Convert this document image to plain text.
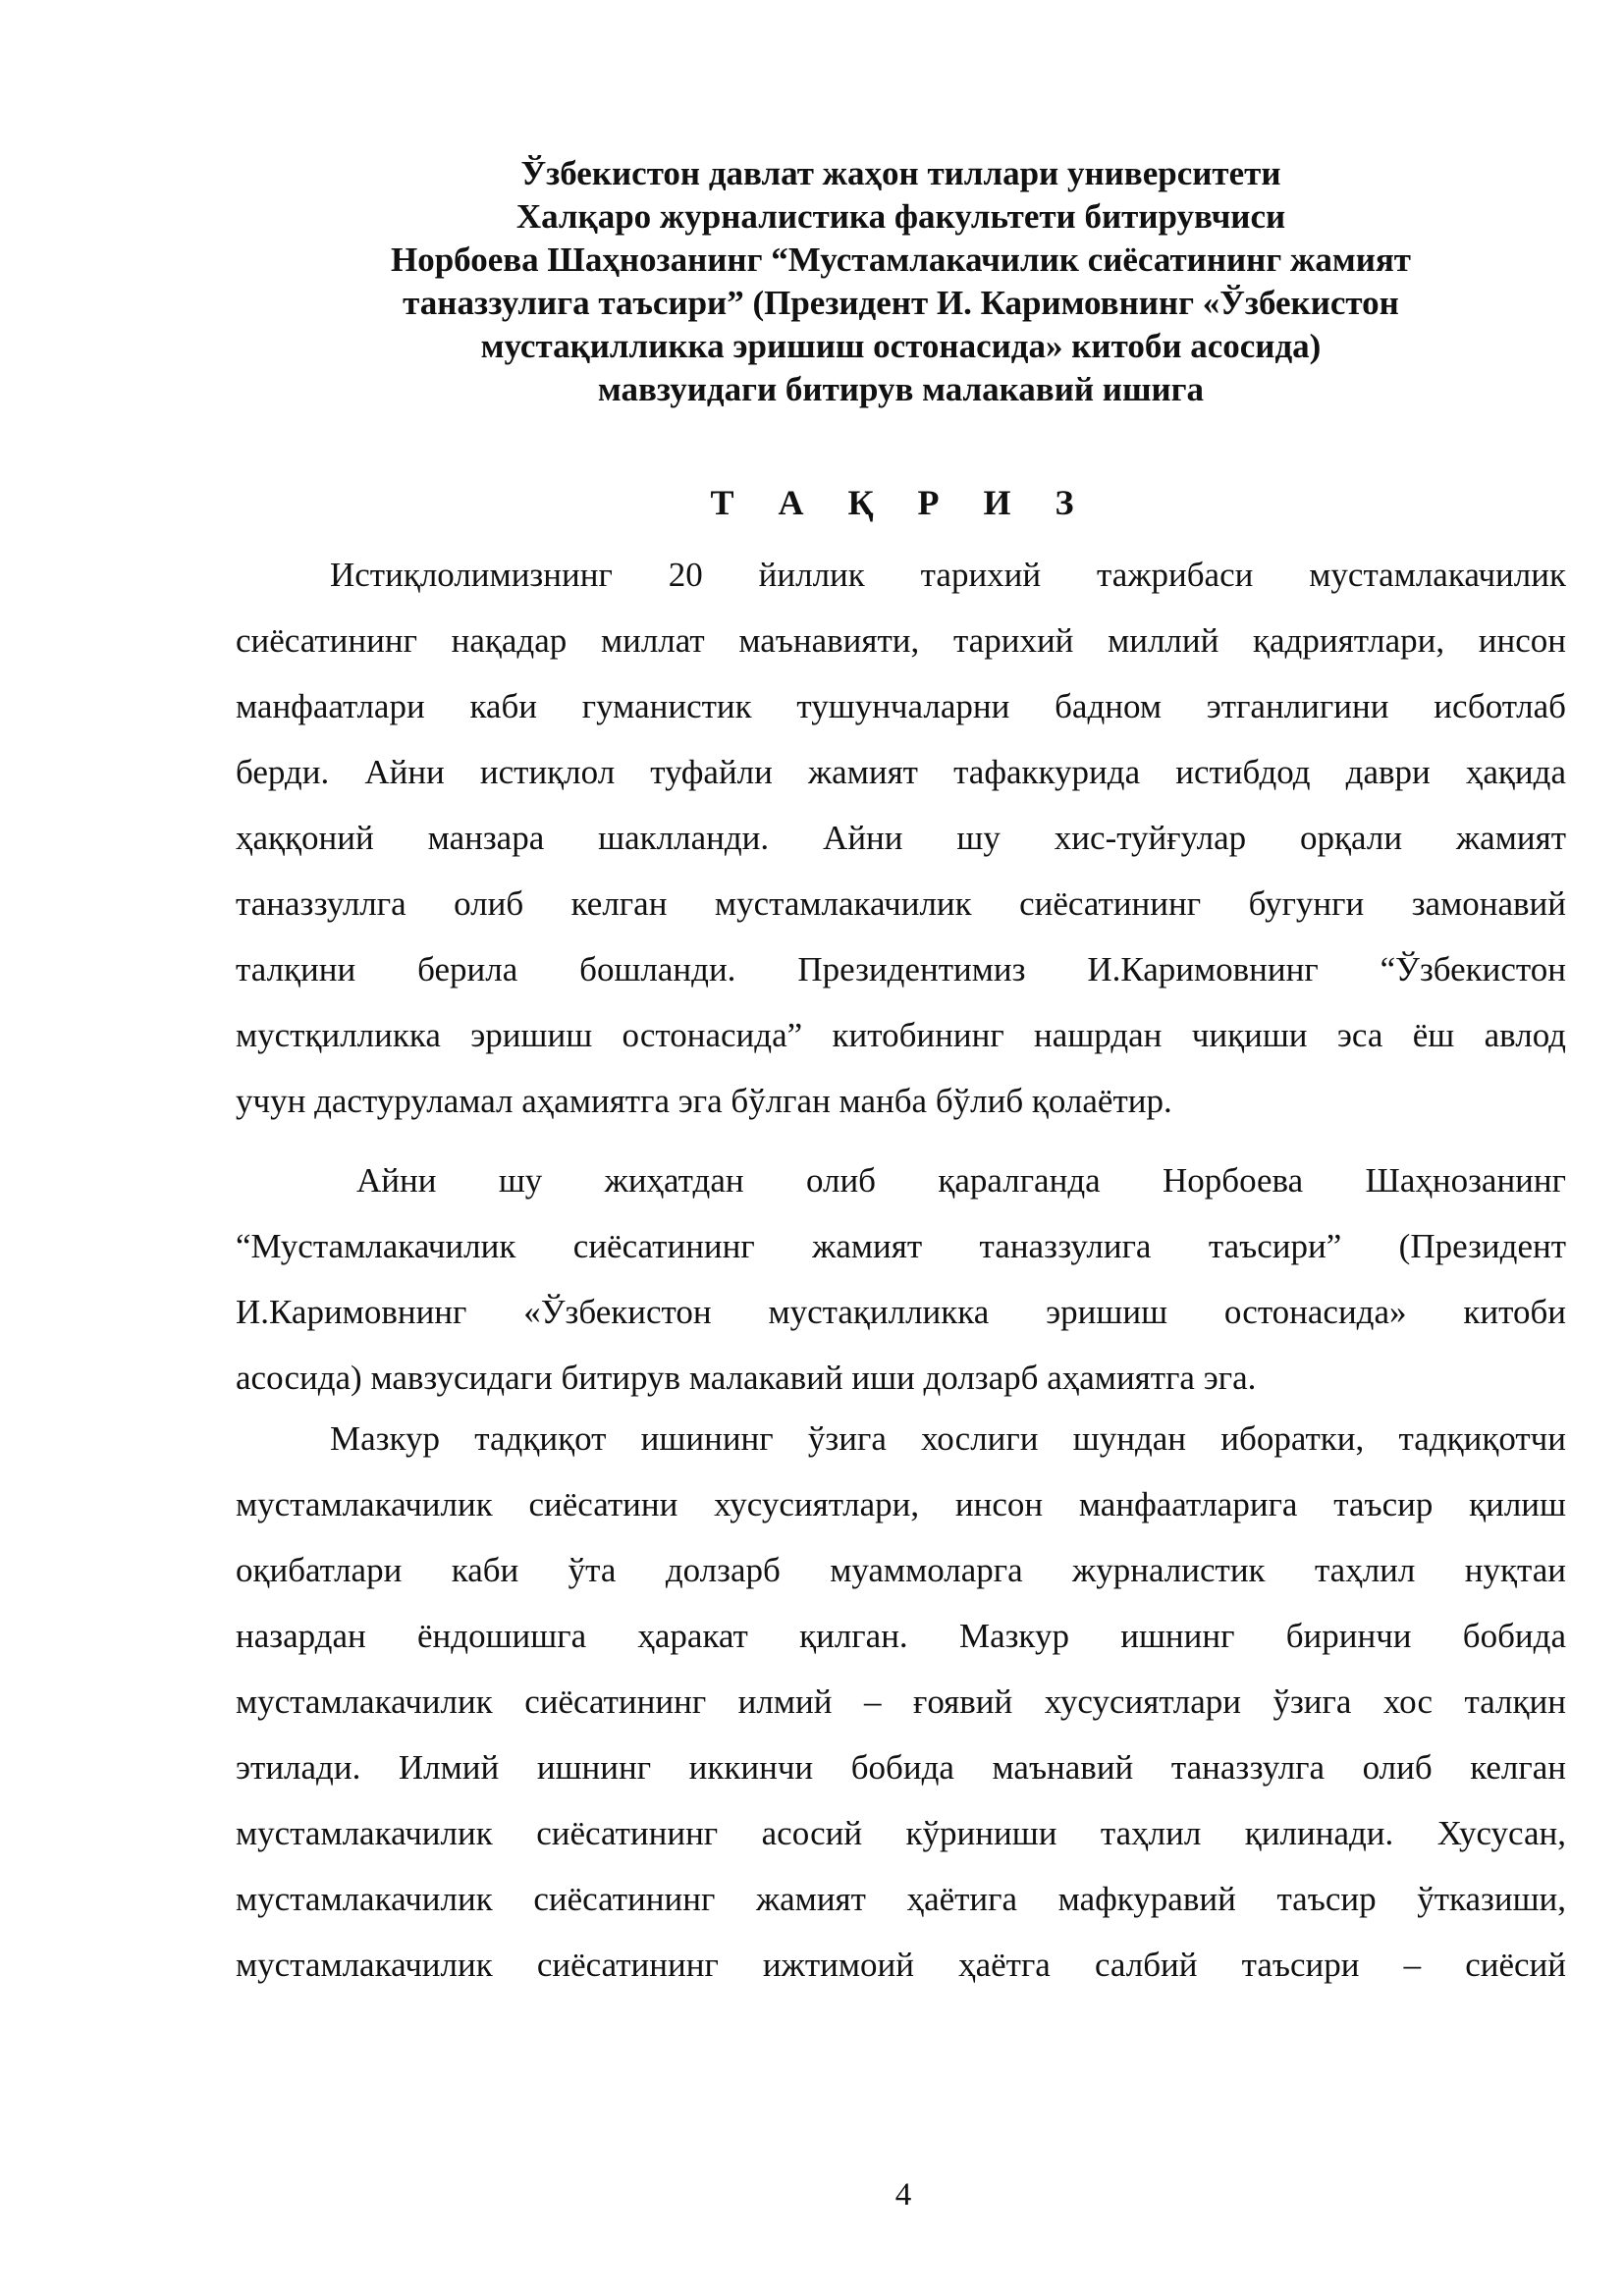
Ўзбекистон давлат жаҳон тиллари университети
Халқаро журналистика факультети битирувчиси
Норбоева Шаҳнозанинг “Мустамлакачилик сиёсатининг жамият
таназзулига таъсири” (Президент И. Каримовнинг «Ўзбекистон
мустақилликка эришиш остонасида» китоби асосида)
мавзуидаги битирув малакавий ишига
Т А Қ Р И З
Истиқлолимизнинг 20 йиллик тарихий тажрибаси мустамлакачилик
сиёсатининг нақадар миллат маънавияти, тарихий миллий қадриятлари, инсон
манфаатлари каби гуманистик тушунчаларни бадном этганлигини исботлаб
берди. Айни истиқлол туфайли жамият тафаккурида истибдод даври ҳақида
ҳаққоний манзара шаклланди. Айни шу хис-туйғулар орқали жамият
таназзуллга олиб келган мустамлакачилик сиёсатининг бугунги замонавий
талқини берила бошланди. Президентимиз И.Каримовнинг “Ўзбекистон
мустқилликка эришиш остонасида” китобининг нашрдан чиқиши эса ёш авлод
учун дастуруламал аҳамиятга эга бўлган манба бўлиб қолаётир.
Айни шу жиҳатдан олиб қаралганда Норбоева Шаҳнозанинг
“Мустамлакачилик сиёсатининг жамият таназзулига таъсири” (Президент
И.Каримовнинг «Ўзбекистон мустақилликка эришиш остонасида» китоби
асосида) мавзусидаги битирув малакавий иши долзарб аҳамиятга эга.
Мазкур тадқиқот ишининг ўзига хослиги шундан иборатки, тадқиқотчи
мустамлакачилик сиёсатини хусусиятлари, инсон манфаатларига таъсир қилиш
оқибатлари каби ўта долзарб муаммоларга журналистик таҳлил нуқтаи
назардан ёндошишга ҳаракат қилган. Мазкур ишнинг биринчи бобида
мустамлакачилик сиёсатининг илмий – ғоявий хусусиятлари ўзига хос талқин
этилади. Илмий ишнинг иккинчи бобида маънавий таназзулга олиб келган
мустамлакачилик сиёсатининг асосий кўриниши таҳлил қилинади. Хусусан,
мустамлакачилик сиёсатининг жамият ҳаётига мафкуравий таъсир ўтказиши,
мустамлакачилик сиёсатининг ижтимоий ҳаётга салбий таъсири – сиёсий
4
